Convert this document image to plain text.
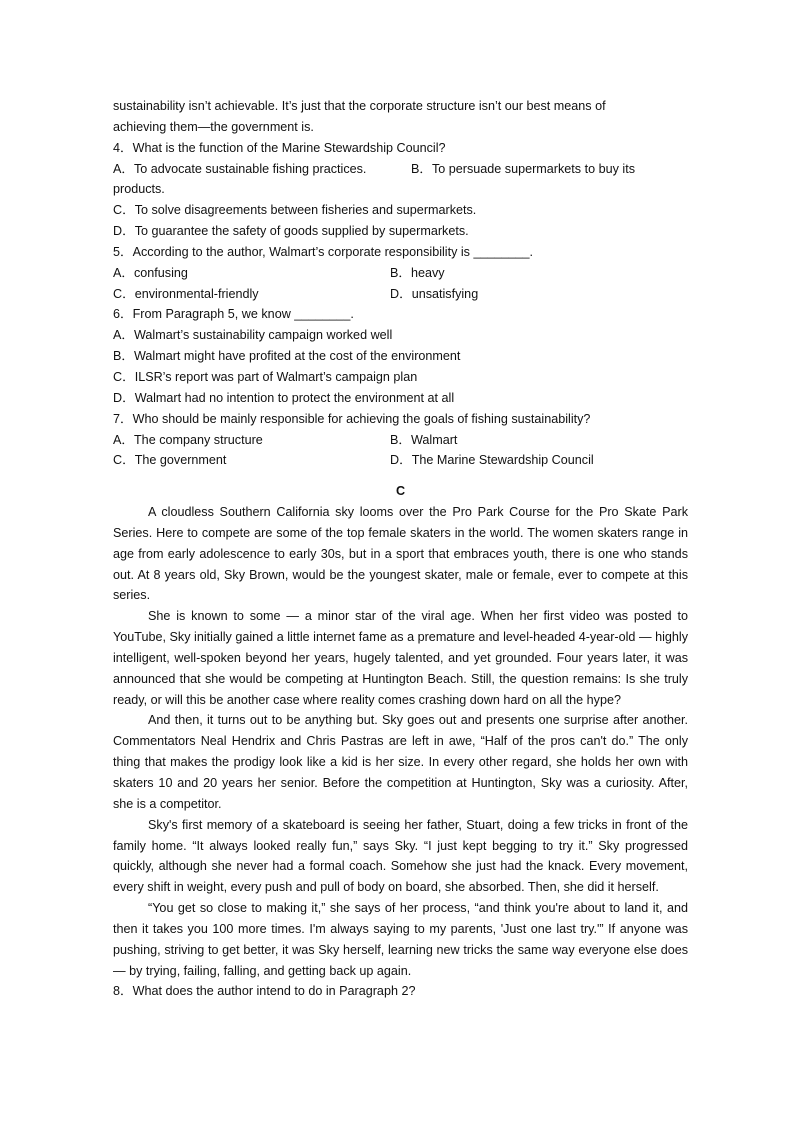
sustainability isn’t achievable. It’s just that the corporate structure isn’t our best means of
achieving them—the government is.
4．What is the function of the Marine Stewardship Council?
A．To advocate sustainable fishing practices.	B．To persuade supermarkets to buy its
products.
C．To solve disagreements between fisheries and supermarkets.
D．To guarantee the safety of goods supplied by supermarkets.
5．According to the author, Walmart’s corporate responsibility is ________.
A．confusing	B．heavy
C．environmental-friendly	D．unsatisfying
6．From Paragraph 5, we know ________.
A．Walmart’s sustainability campaign worked well
B．Walmart might have profited at the cost of the environment
C．ILSR’s report was part of Walmart’s campaign plan
D．Walmart had no intention to protect the environment at all
7．Who should be mainly responsible for achieving the goals of fishing sustainability?
A．The company structure	B．Walmart
C．The government	D．The Marine Stewardship Council
C
A cloudless Southern California sky looms over the Pro Park Course for the Pro Skate Park Series. Here to compete are some of the top female skaters in the world. The women skaters range in age from early adolescence to early 30s, but in a sport that embraces youth, there is one who stands out. At 8 years old, Sky Brown, would be the youngest skater, male or female, ever to compete at this series.
She is known to some — a minor star of the viral age. When her first video was posted to YouTube, Sky initially gained a little internet fame as a premature and level-headed 4-year-old — highly intelligent, well-spoken beyond her years, hugely talented, and yet grounded. Four years later, it was announced that she would be competing at Huntington Beach. Still, the question remains: Is she truly ready, or will this be another case where reality comes crashing down hard on all the hype?
And then, it turns out to be anything but. Sky goes out and presents one surprise after another. Commentators Neal Hendrix and Chris Pastras are left in awe, “Half of the pros can't do.” The only thing that makes the prodigy look like a kid is her size. In every other regard, she holds her own with skaters 10 and 20 years her senior. Before the competition at Huntington, Sky was a curiosity. After, she is a competitor.
Sky's first memory of a skateboard is seeing her father, Stuart, doing a few tricks in front of the family home. “It always looked really fun,” says Sky. “I just kept begging to try it.” Sky progressed quickly, although she never had a formal coach. Somehow she just had the knack. Every movement, every shift in weight, every push and pull of body on board, she absorbed. Then, she did it herself.
“You get so close to making it,” she says of her process, “and think you're about to land it, and then it takes you 100 more times. I'm always saying to my parents, 'Just one last try.'” If anyone was pushing, striving to get better, it was Sky herself, learning new tricks the same way everyone else does — by trying, failing, falling, and getting back up again.
8．What does the author intend to do in Paragraph 2?
